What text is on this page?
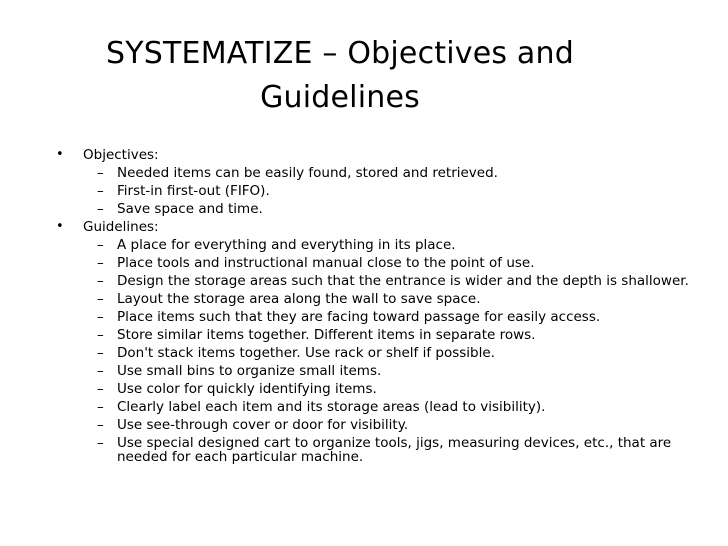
SYSTEMATIZE – Objectives and
Guidelines
•	Objectives:
– Needed items can be easily found, stored and retrieved.
– First-in first-out (FIFO).
– Save space and time.
•	Guidelines:
– A place for everything and everything in its place.
– Place tools and instructional manual close to the point of use.
– Design the storage areas such that the entrance is wider and the depth is shallower.
– Layout the storage area along the wall to save space.
– Place items such that they are facing toward passage for easily access.
– Store similar items together. Different items in separate rows.
– Don't stack items together. Use rack or shelf if possible.
– Use small bins to organize small items.
– Use color for quickly identifying items.
– Clearly label each item and its storage areas (lead to visibility).
– Use see-through cover or door for visibility.
– Use special designed cart to organize tools, jigs, measuring devices, etc., that are needed for each particular machine.
